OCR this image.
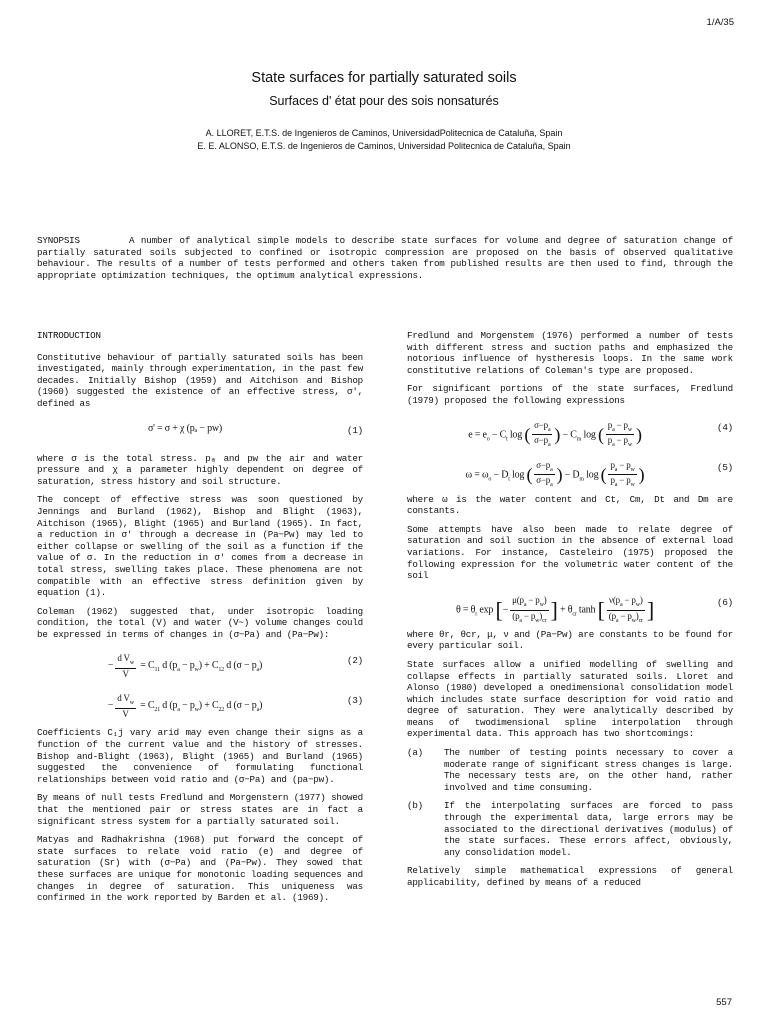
1/A/35
State surfaces for partially saturated soils
Surfaces d' état pour des sois nonsaturés
A. LLORET, E.T.S. de Ingenieros de Caminos, UniversidadPolitecnica de Cataluña, Spain
E. E. ALONSO, E.T.S. de Ingenieros de Caminos, Universidad Politecnica de Cataluña, Spain
SYNOPSIS	A number of analytical simple models to describe state surfaces for volume and degree of saturation change of partially saturated soils subjected to confined or isotropic compression are proposed on the basis of observed qualitative behaviour. The results of a number of tests performed and others taken from published results are then used to find, through the appropriate optimization techniques, the optimum analytical expressions.
INTRODUCTION

Constitutive behaviour of partially saturated soils has been investigated, mainly through experimentation, in the past few decades. Initially Bishop (1959) and Aitchison and Bishop (1960) suggested the existence of an effective stress, σ', defined as

σ' = σ + χ (pₐ − pw)	(1)

where σ is the total stress. pₐ and pw the air and water pressure and χ a parameter highly dependent on degree of saturation, stress history and soil structure.

The concept of effective stress was soon questioned by Jennings and Burland (1962), Bishop and Blight (1963), Aitchison (1965), Blight (1965) and Burland (1965). In fact, a reduction in σ' through a decrease in (Pa−Pw) may led to either collapse or swelling of the soil as a function if the value of σ. In the reduction in σ' comes from a decrease in total stress, swelling takes place. These phenomena are not compatible with an effective stress definition given by equation (1).

Coleman (1962) suggested that, under isotropic loading condition, the total (V) and water (V~) volume changes could be expressed in terms of changes in (σ−Pa) and (Pa−Pw):

− $\frac{d V_w}{V} = C_{11}$ d $(p_a - p_w) + C_{12}$ d $(\sigma - p_a)$	(2)
− $\frac{d V_w}{V} = C_{21}$ d $(p_a - p_w) + C_{22}$ d $(\sigma - p_a)$	(3)

Coefficients C₁j vary arid may even change their signs as a function of the current value and the history of stresses. Bishop and-Blight (1963), Blight (1965) and Burland (1965) suggested the convenience of formulating functional relationships between void ratio and (σ−Pa) and (pa−pw).

By means of null tests Fredlund and Morgenstern (1977) showed that the mentioned pair or stress states are in fact a significant stress system for a partially saturated soil.

Matyas and Radhakrishna (1968) put forward the concept of state surfaces to relate void ratio (e) and degree of saturation (Sr) with (σ−Pa) and (Pa−Pw). They sowed that these surfaces are unique for monotonic loading sequences and changes in degree of saturation. This uniqueness was confirmed in the work reported by Barden et al. (1969).

Fredlund and Morgenstem (1976) performed a number of tests with different stress and suction paths and emphasized the notorious influence of hystheresis loops. In the same work constitutive relations of Coleman's type are proposed.

For significant portions of the state surfaces, Fredlund (1979) proposed the following expressions

$e = e_o - C_t$ log ( $\frac{\sigma-p_a}{\sigma-p_a}$ ) − $C_m$ log ( $\frac{p_a - p_w}{p_a - p_w}$ )	(4)
$\omega = \omega_o - D_t$ log ( $\frac{\sigma-p_a}{\sigma-p_a}$ ) − $D_m$ log ( $\frac{p_a - p_w}{p_a - p_w}$ )	(5)

where ω is the water content and Ct, Cm, Dt and Dm are constants.

Some attempts have also been made to relate degree of saturation and soil suction in the absence of external load variations. For instance, Casteleiro (1975) proposed the following expression for the volumetric water content of the soil

$\theta = \theta_r$ exp [− $\frac{\mu(p_a - p_w)}{(p_a - p_w)_{cr}}$ ] + $\theta_{cr}$ tanh [ $\frac{\nu(p_a - p_w)}{(p_a - p_w)_{cr}}$ ]	(6)

where θr, θcr, μ, ν and (Pa−Pw) are constants to be found for every particular soil.

State surfaces allow a unified modelling of swelling and collapse effects in partially saturated soils. Lloret and Alonso (1980) developed a onedimensional consolidation model which includes state surface description for void ratio and degree of saturation. They were analytically described by means of twodimensional spline interpolation through experimental data. This approach has two shortcomings:

(a)	The number of testing points necessary to cover a moderate range of significant stress changes is large. The necessary tests are, on the other hand, rather involved and time consuming.
(b)	If the interpolating surfaces are forced to pass through the experimental data, large errors may be associated to the directional derivatives (modulus) of the state surfaces. These errors affect, obviously, any consolidation model.

Relatively simple mathematical expressions of general applicability, defined by means of a reduced

557
